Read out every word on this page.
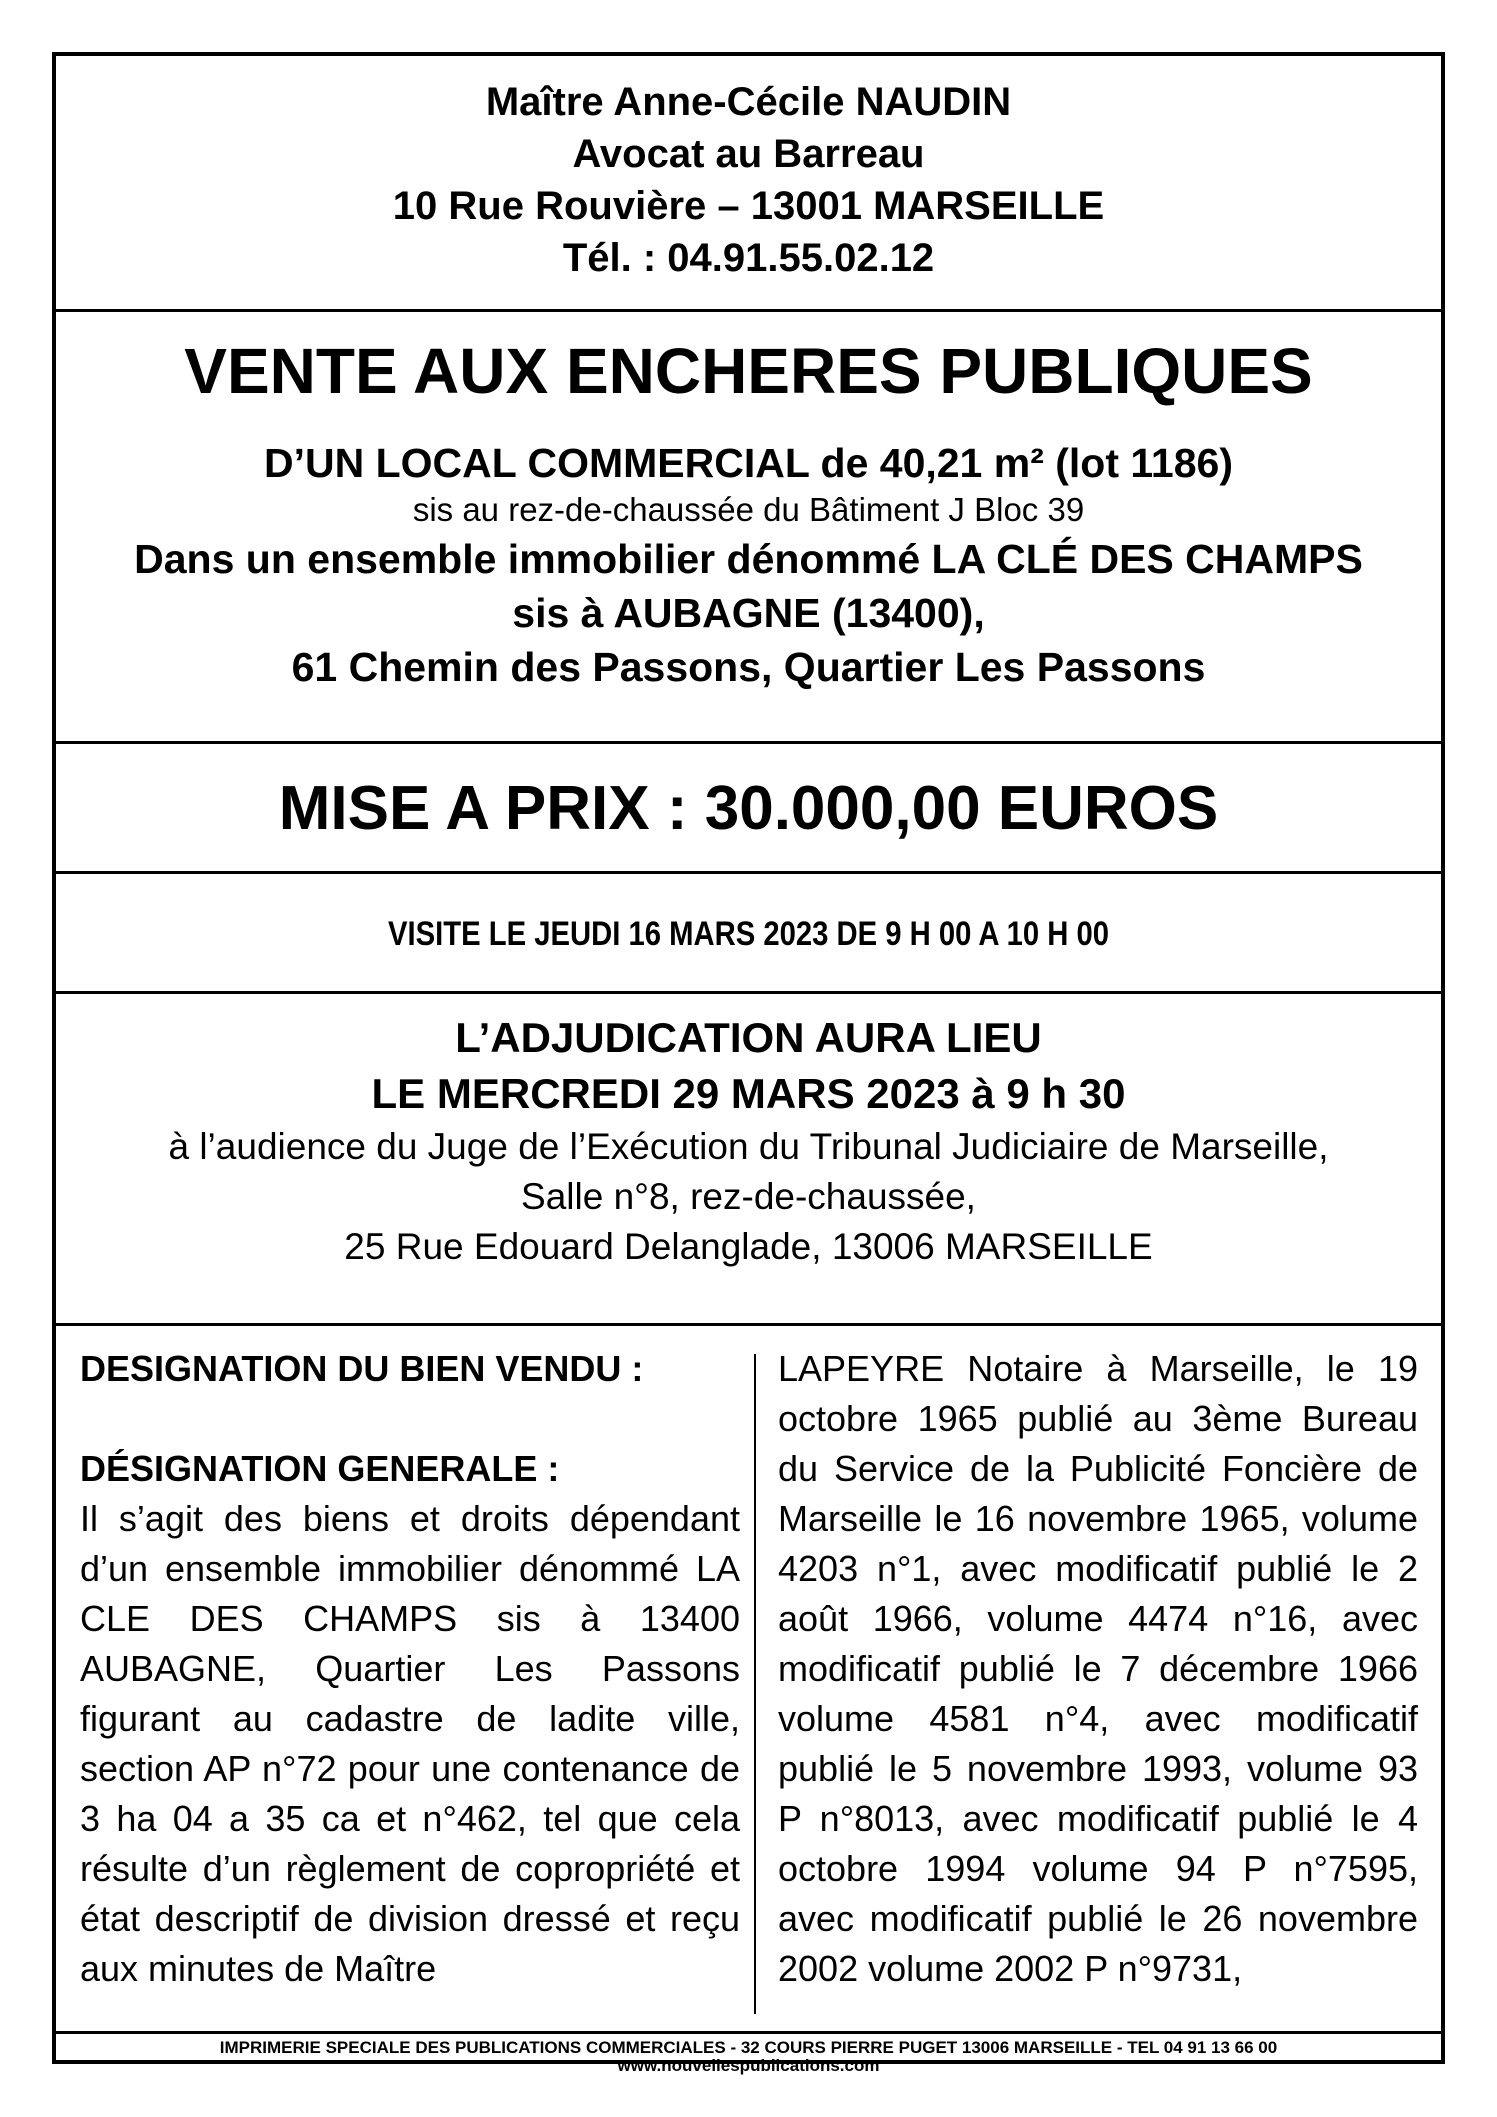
Maître Anne-Cécile NAUDIN
Avocat au Barreau
10 Rue Rouvière – 13001 MARSEILLE
Tél. : 04.91.55.02.12
VENTE AUX ENCHERES PUBLIQUES
D’UN LOCAL COMMERCIAL de 40,21 m² (lot 1186)
sis au rez-de-chaussée du Bâtiment J Bloc 39
Dans un ensemble immobilier dénommé LA CLÉ DES CHAMPS
sis à AUBAGNE (13400),
61 Chemin des Passons, Quartier Les Passons
MISE A PRIX : 30.000,00 EUROS
VISITE LE JEUDI 16 MARS 2023 DE 9 H 00 A 10 H 00
L’ADJUDICATION AURA LIEU
LE MERCREDI 29 MARS 2023 à 9 h 30
à l’audience du Juge de l’Exécution du Tribunal Judiciaire de Marseille,
Salle n°8, rez-de-chaussée,
25 Rue Edouard Delanglade, 13006 MARSEILLE
DESIGNATION DU BIEN VENDU :
DÉSIGNATION GENERALE :

Il s’agit des biens et droits dépendant d’un ensemble immobilier dénommé LA CLE DES CHAMPS sis à 13400 AUBAGNE, Quartier Les Passons figurant au cadastre de ladite ville, section AP n°72 pour une contenance de 3 ha 04 a 35 ca et n°462, tel que cela résulte d’un règlement de copropriété et état descriptif de division dressé et reçu aux minutes de Maître

LAPEYRE Notaire à Marseille, le 19 octobre 1965 publié au 3ème Bureau du Service de la Publicité Foncière de Marseille le 16 novembre 1965, volume 4203 n°1, avec modificatif publié le 2 août 1966, volume 4474 n°16, avec modificatif publié le 7 décembre 1966 volume 4581 n°4, avec modificatif publié le 5 novembre 1993, volume 93 P n°8013, avec modificatif publié le 4 octobre 1994 volume 94 P n°7595, avec modificatif publié le 26 novembre 2002 volume 2002 P n°9731,

IMPRIMERIE SPECIALE DES PUBLICATIONS COMMERCIALES - 32 COURS PIERRE PUGET 13006 MARSEILLE - TEL 04 91 13 66 00
www.nouvellespublications.com
